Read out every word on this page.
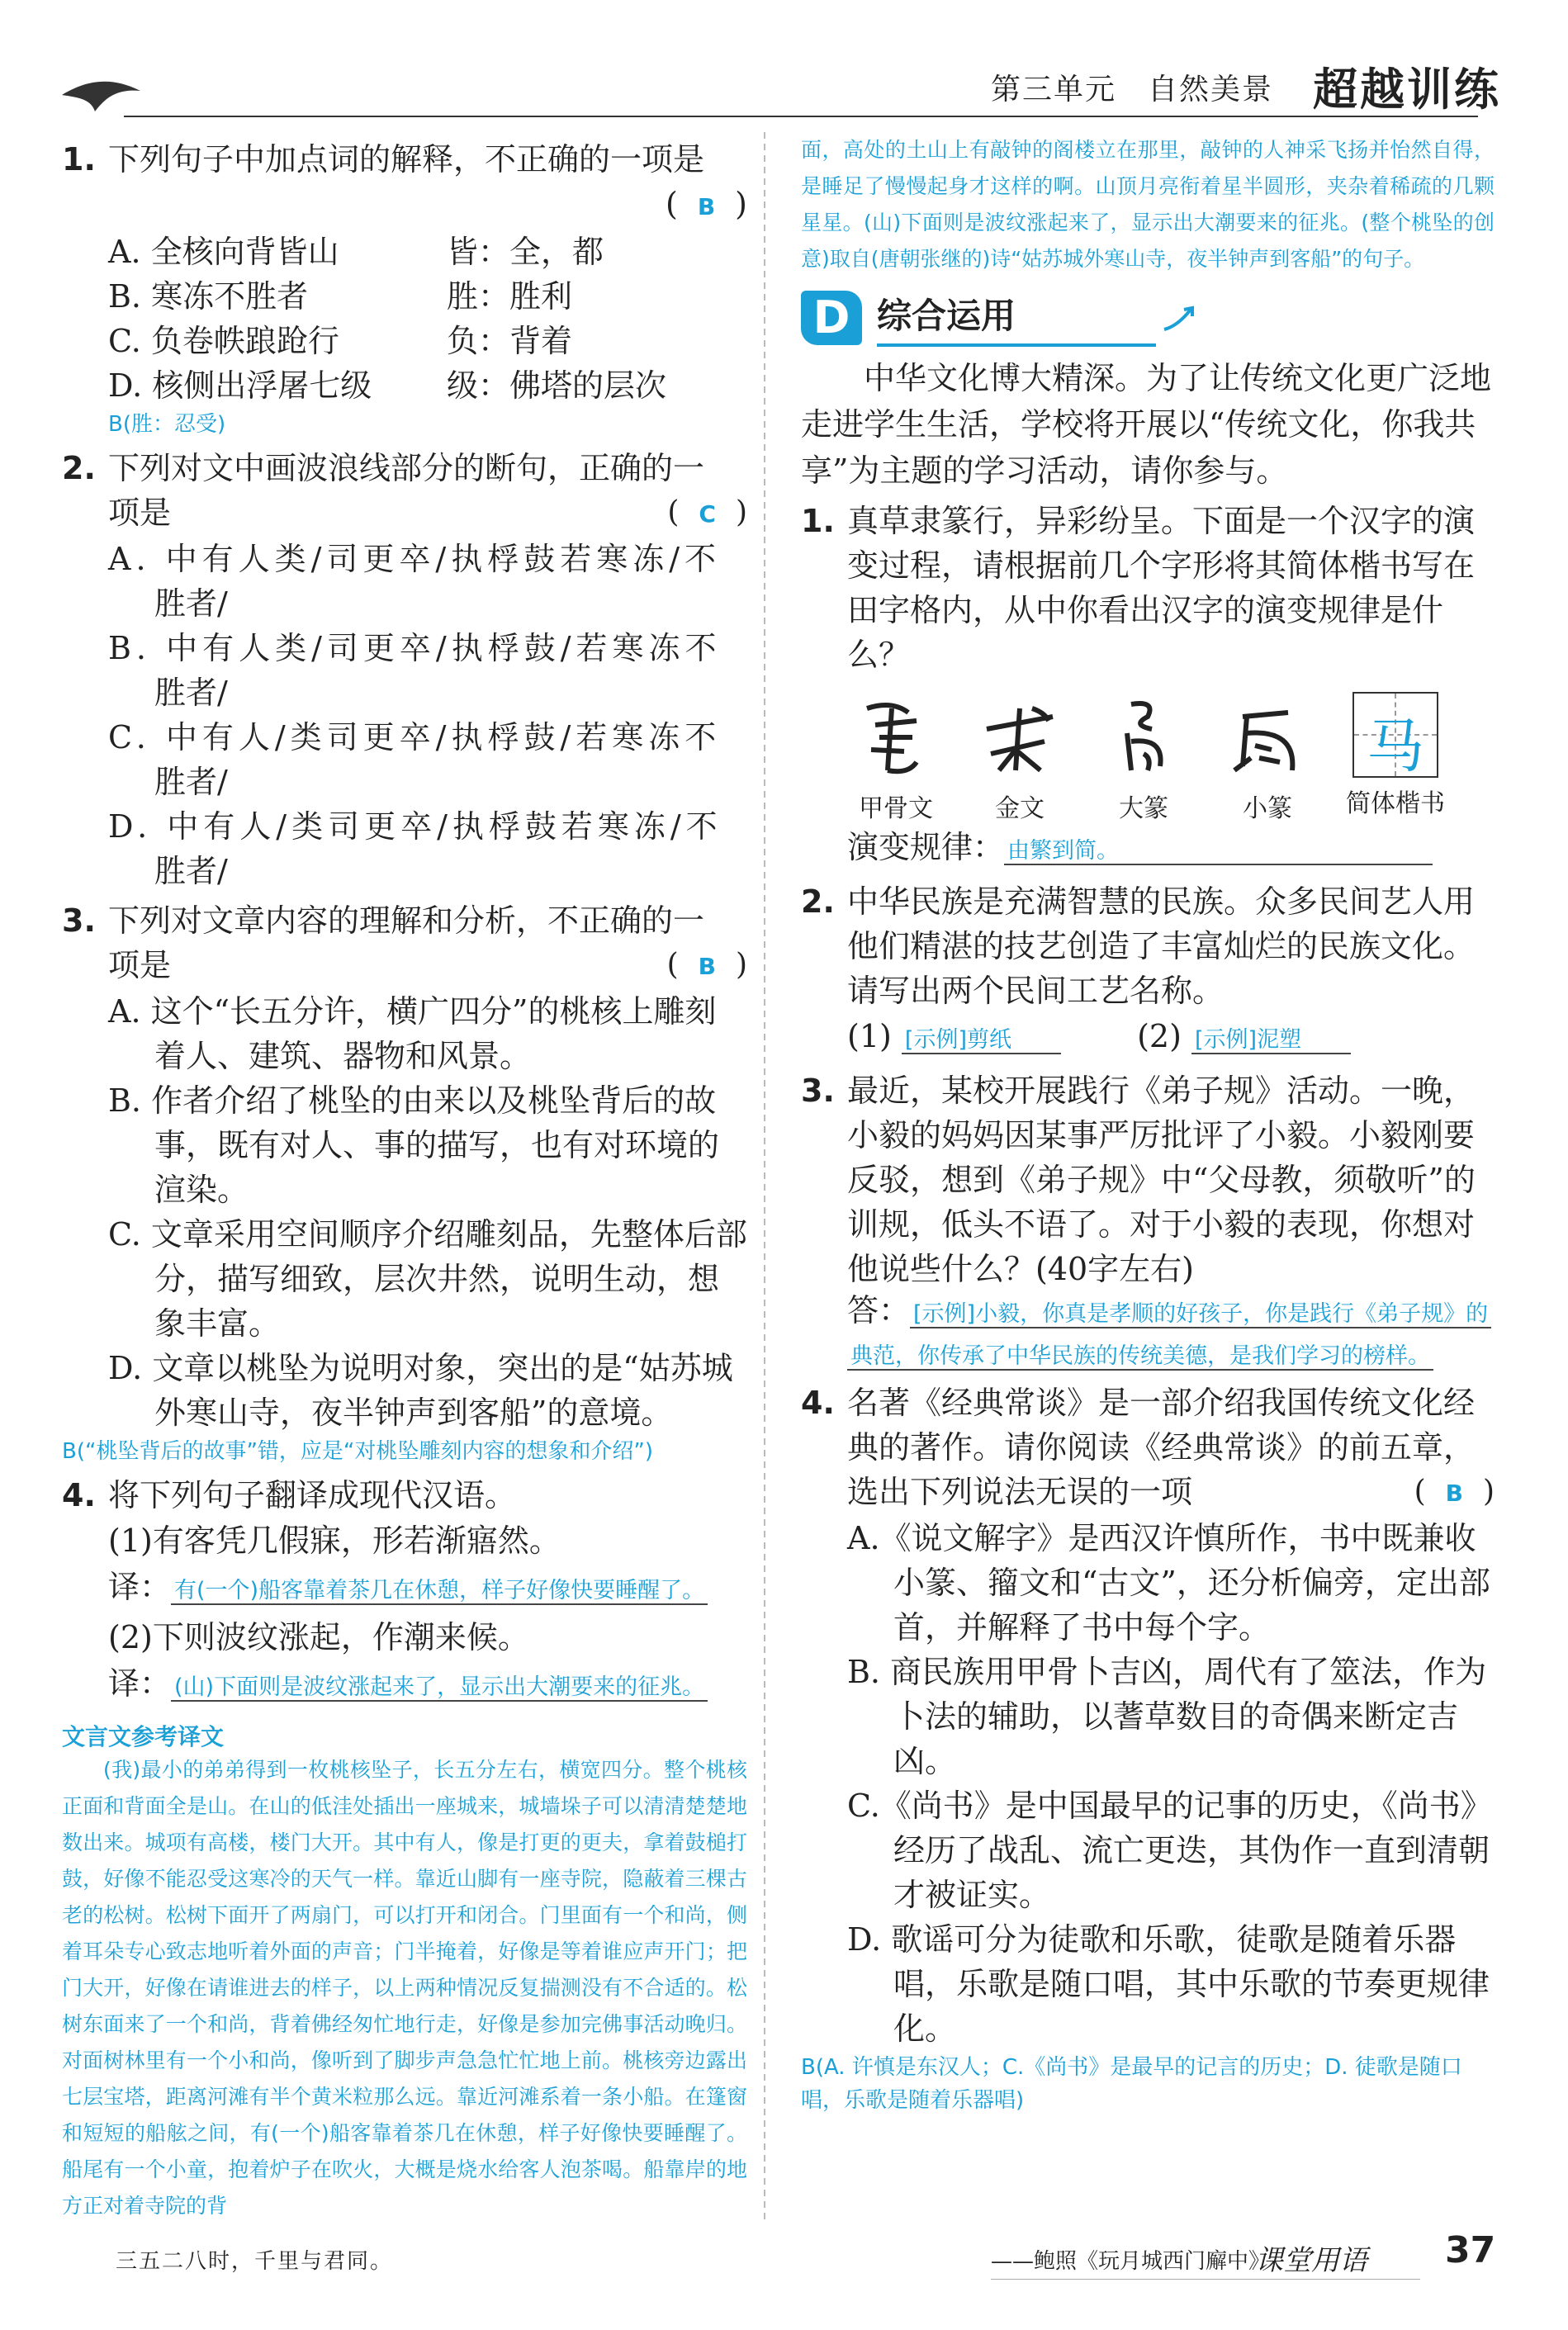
第三单元　自然美景 超越训练
1. 下列句子中加点词的解释，不正确的一项是
( B )
A. 全核向背皆山	皆：全，都
B. 寒冻不胜者	胜：胜利
C. 负卷帙踉跄行	负：背着
D. 核侧出浮屠七级	级：佛塔的层次
B(胜：忍受)
2. 下列对文中画波浪线部分的断句，正确的一
项是	( C )
A. 中有人类/司更卒/执桴鼓若寒冻/不
胜者/
B. 中有人类/司更卒/执桴鼓/若寒冻不
胜者/
C. 中有人/类司更卒/执桴鼓/若寒冻不
胜者/
D. 中有人/类司更卒/执桴鼓若寒冻/不
胜者/
3. 下列对文章内容的理解和分析，不正确的一
项是	( B )
A. 这个“长五分许，横广四分”的桃核上雕刻着人、建筑、器物和风景。
B. 作者介绍了桃坠的由来以及桃坠背后的故事，既有对人、事的描写，也有对环境的渲染。
C. 文章采用空间顺序介绍雕刻品，先整体后部分，描写细致，层次井然，说明生动，想象丰富。
D. 文章以桃坠为说明对象，突出的是“姑苏城外寒山寺，夜半钟声到客船”的意境。
B(“桃坠背后的故事”错，应是“对桃坠雕刻内容的想象和介绍”)
4. 将下列句子翻译成现代汉语。
(1)有客凭几假寐，形若渐寤然。
译： 有(一个)船客靠着茶几在休憩，样子好像快要睡醒了。
(2)下则波纹涨起，作潮来候。
译： (山)下面则是波纹涨起来了，显示出大潮要来的征兆。
文言文参考译文
(我)最小的弟弟得到一枚桃核坠子，长五分左右，横宽四分。整个桃核正面和背面全是山。在山的低洼处插出一座城来，城墙垛子可以清清楚楚地数出来。城项有高楼，楼门大开。其中有人，像是打更的更夫，拿着鼓槌打鼓，好像不能忍受这寒冷的天气一样。靠近山脚有一座寺院，隐蔽着三棵古老的松树。松树下面开了两扇门，可以打开和闭合。门里面有一个和尚，侧着耳朵专心致志地听着外面的声音；门半掩着，好像是等着谁应声开门；把门大开，好像在请谁进去的样子，以上两种情况反复揣测没有不合适的。松树东面来了一个和尚，背着佛经匆忙地行走，好像是参加完佛事活动晚归。对面树林里有一个小和尚，像听到了脚步声急急忙忙地上前。桃核旁边露出七层宝塔，距离河滩有半个黄米粒那么远。靠近河滩系着一条小船。在篷窗和短短的船舷之间，有(一个)船客靠着茶几在休憩，样子好像快要睡醒了。船尾有一个小童，抱着炉子在吹火，大概是烧水给客人泡茶喝。船靠岸的地方正对着寺院的背
面，高处的土山上有敲钟的阁楼立在那里，敲钟的人神采飞扬并怡然自得，是睡足了慢慢起身才这样的啊。山顶月亮衔着星半圆形，夹杂着稀疏的几颗星星。(山)下面则是波纹涨起来了，显示出大潮要来的征兆。(整个桃坠的创意)取自(唐朝张继的)诗“姑苏城外寒山寺，夜半钟声到客船”的句子。
D 综合运用
中华文化博大精深。为了让传统文化更广泛地走进学生生活，学校将开展以“传统文化，你我共享”为主题的学习活动，请你参与。
1. 真草隶篆行，异彩纷呈。下面是一个汉字的演变过程，请根据前几个字形将其简体楷书写在田字格内，从中你看出汉字的演变规律是什么？
甲骨文	金文	大篆	小篆
马
简体楷书
演变规律： 由繁到简。
2. 中华民族是充满智慧的民族。众多民间艺人用他们精湛的技艺创造了丰富灿烂的民族文化。请写出两个民间工艺名称。
(1) [示例]剪纸	(2) [示例]泥塑
3. 最近，某校开展践行《弟子规》活动。一晚，小毅的妈妈因某事严厉批评了小毅。小毅刚要反驳，想到《弟子规》中“父母教，须敬听”的训规，低头不语了。对于小毅的表现，你想对他说些什么？(40字左右)
答： [示例]小毅，你真是孝顺的好孩子，你是践行《弟子规》的
典范，你传承了中华民族的传统美德，是我们学习的榜样。
4. 名著《经典常谈》是一部介绍我国传统文化经典的著作。请你阅读《经典常谈》的前五章，选出下列说法无误的一项	( B )
A.《说文解字》是西汉许慎所作，书中既兼收小篆、籀文和“古文”，还分析偏旁，定出部首，并解释了书中每个字。
B. 商民族用甲骨卜吉凶，周代有了筮法，作为卜法的辅助，以蓍草数目的奇偶来断定吉凶。
C.《尚书》是中国最早的记事的历史，《尚书》经历了战乱、流亡更迭，其伪作一直到清朝才被证实。
D. 歌谣可分为徒歌和乐歌，徒歌是随着乐器唱，乐歌是随口唱，其中乐歌的节奏更规律化。
B(A. 许慎是东汉人；C.《尚书》是最早的记言的历史；D. 徒歌是随口唱，乐歌是随着乐器唱)
三五二八时，千里与君同。	——鲍照《玩月城西门廨中》
课堂用语 37
